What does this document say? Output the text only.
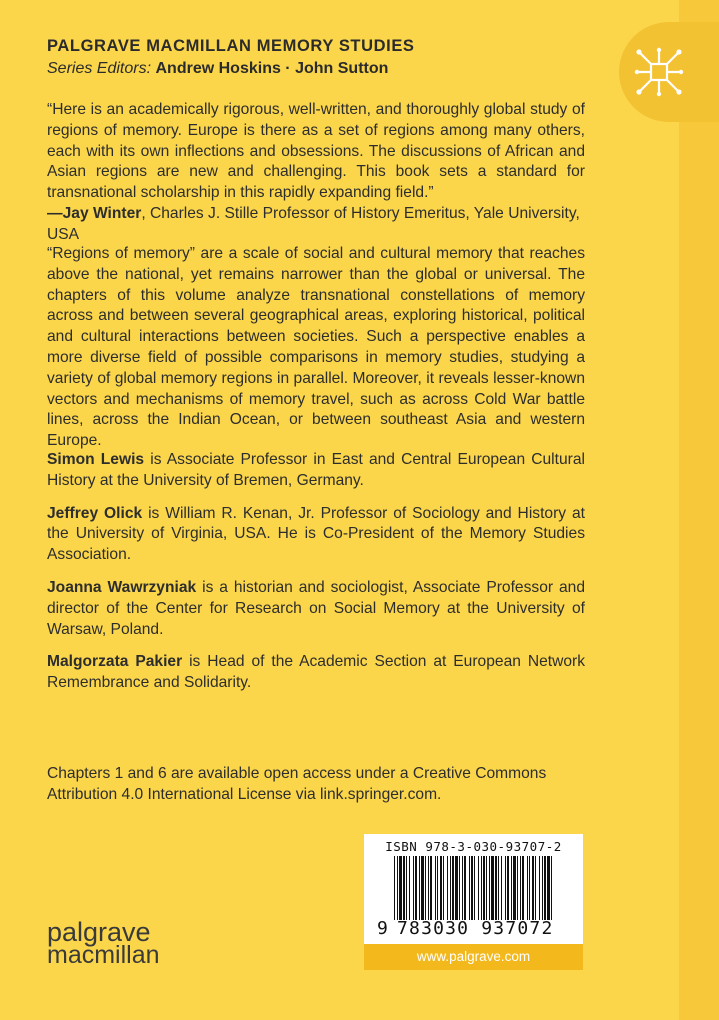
PALGRAVE MACMILLAN MEMORY STUDIES
Series Editors: Andrew Hoskins · John Sutton
“Here is an academically rigorous, well-written, and thoroughly global study of regions of memory. Europe is there as a set of regions among many others, each with its own inflections and obsessions. The discussions of African and Asian regions are new and challenging. This book sets a standard for transnational scholarship in this rapidly expanding field.”
—Jay Winter, Charles J. Stille Professor of History Emeritus, Yale University, USA
“Regions of memory” are a scale of social and cultural memory that reaches above the national, yet remains narrower than the global or universal. The chapters of this volume analyze transnational constellations of memory across and between several geographical areas, exploring historical, political and cultural interactions between societies. Such a perspective enables a more diverse field of possible comparisons in memory studies, studying a variety of global memory regions in parallel. Moreover, it reveals lesser-known vectors and mechanisms of memory travel, such as across Cold War battle lines, across the Indian Ocean, or between southeast Asia and western Europe.
Simon Lewis is Associate Professor in East and Central European Cultural History at the University of Bremen, Germany.
Jeffrey Olick is William R. Kenan, Jr. Professor of Sociology and History at the University of Virginia, USA. He is Co-President of the Memory Studies Association.
Joanna Wawrzyniak is a historian and sociologist, Associate Professor and director of the Center for Research on Social Memory at the University of Warsaw, Poland.
Malgorzata Pakier is Head of the Academic Section at European Network Remembrance and Solidarity.
Chapters 1 and 6 are available open access under a Creative Commons Attribution 4.0 International License via link.springer.com.
ISBN 978-3-030-93707-2
9 783030 937072
www.palgrave.com
palgrave
macmillan
